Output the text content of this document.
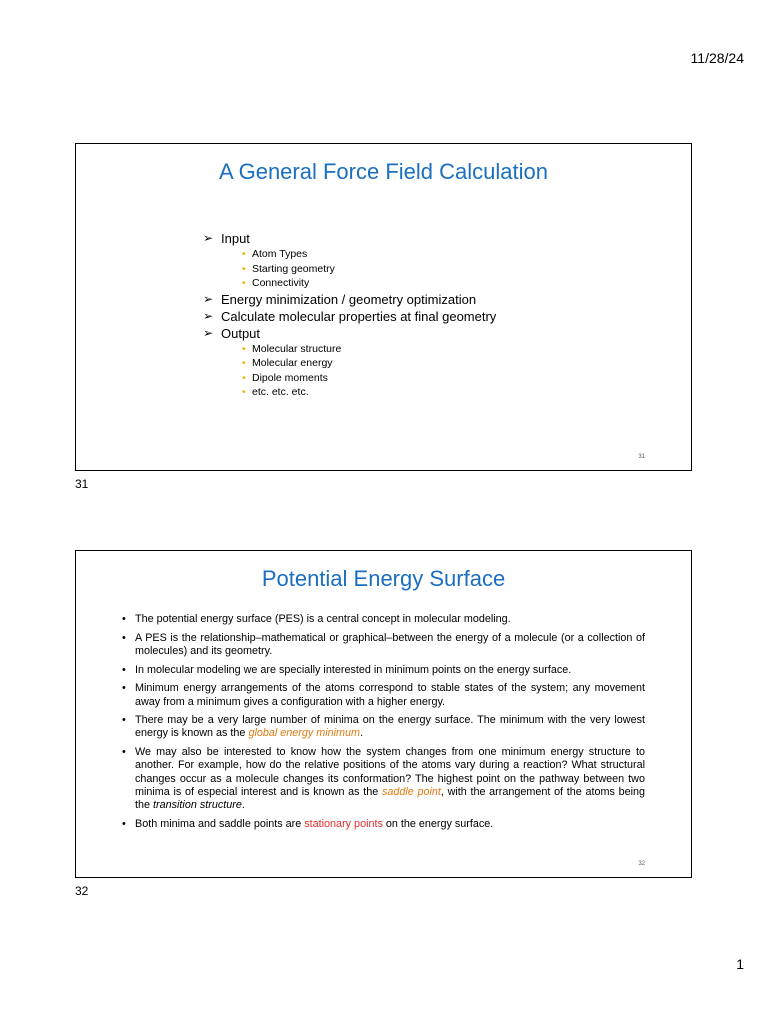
11/28/24
A General Force Field Calculation
➢ Input
• Atom Types
• Starting geometry
• Connectivity
➢ Energy minimization / geometry optimization
➢ Calculate molecular properties at final geometry
➢ Output
• Molecular structure
• Molecular energy
• Dipole moments
• etc. etc. etc.
31
31
Potential Energy Surface
• The potential energy surface (PES) is a central concept in molecular modeling.
• A PES is the relationship–mathematical or graphical–between the energy of a molecule (or a collection of molecules) and its geometry.
• In molecular modeling we are specially interested in minimum points on the energy surface.
• Minimum energy arrangements of the atoms correspond to stable states of the system; any movement away from a minimum gives a configuration with a higher energy.
• There may be a very large number of minima on the energy surface. The minimum with the very lowest energy is known as the global energy minimum.
• We may also be interested to know how the system changes from one minimum energy structure to another. For example, how do the relative positions of the atoms vary during a reaction? What structural changes occur as a molecule changes its conformation? The highest point on the pathway between two minima is of especial interest and is known as the saddle point, with the arrangement of the atoms being the transition structure.
• Both minima and saddle points are stationary points on the energy surface.
32
32
1
